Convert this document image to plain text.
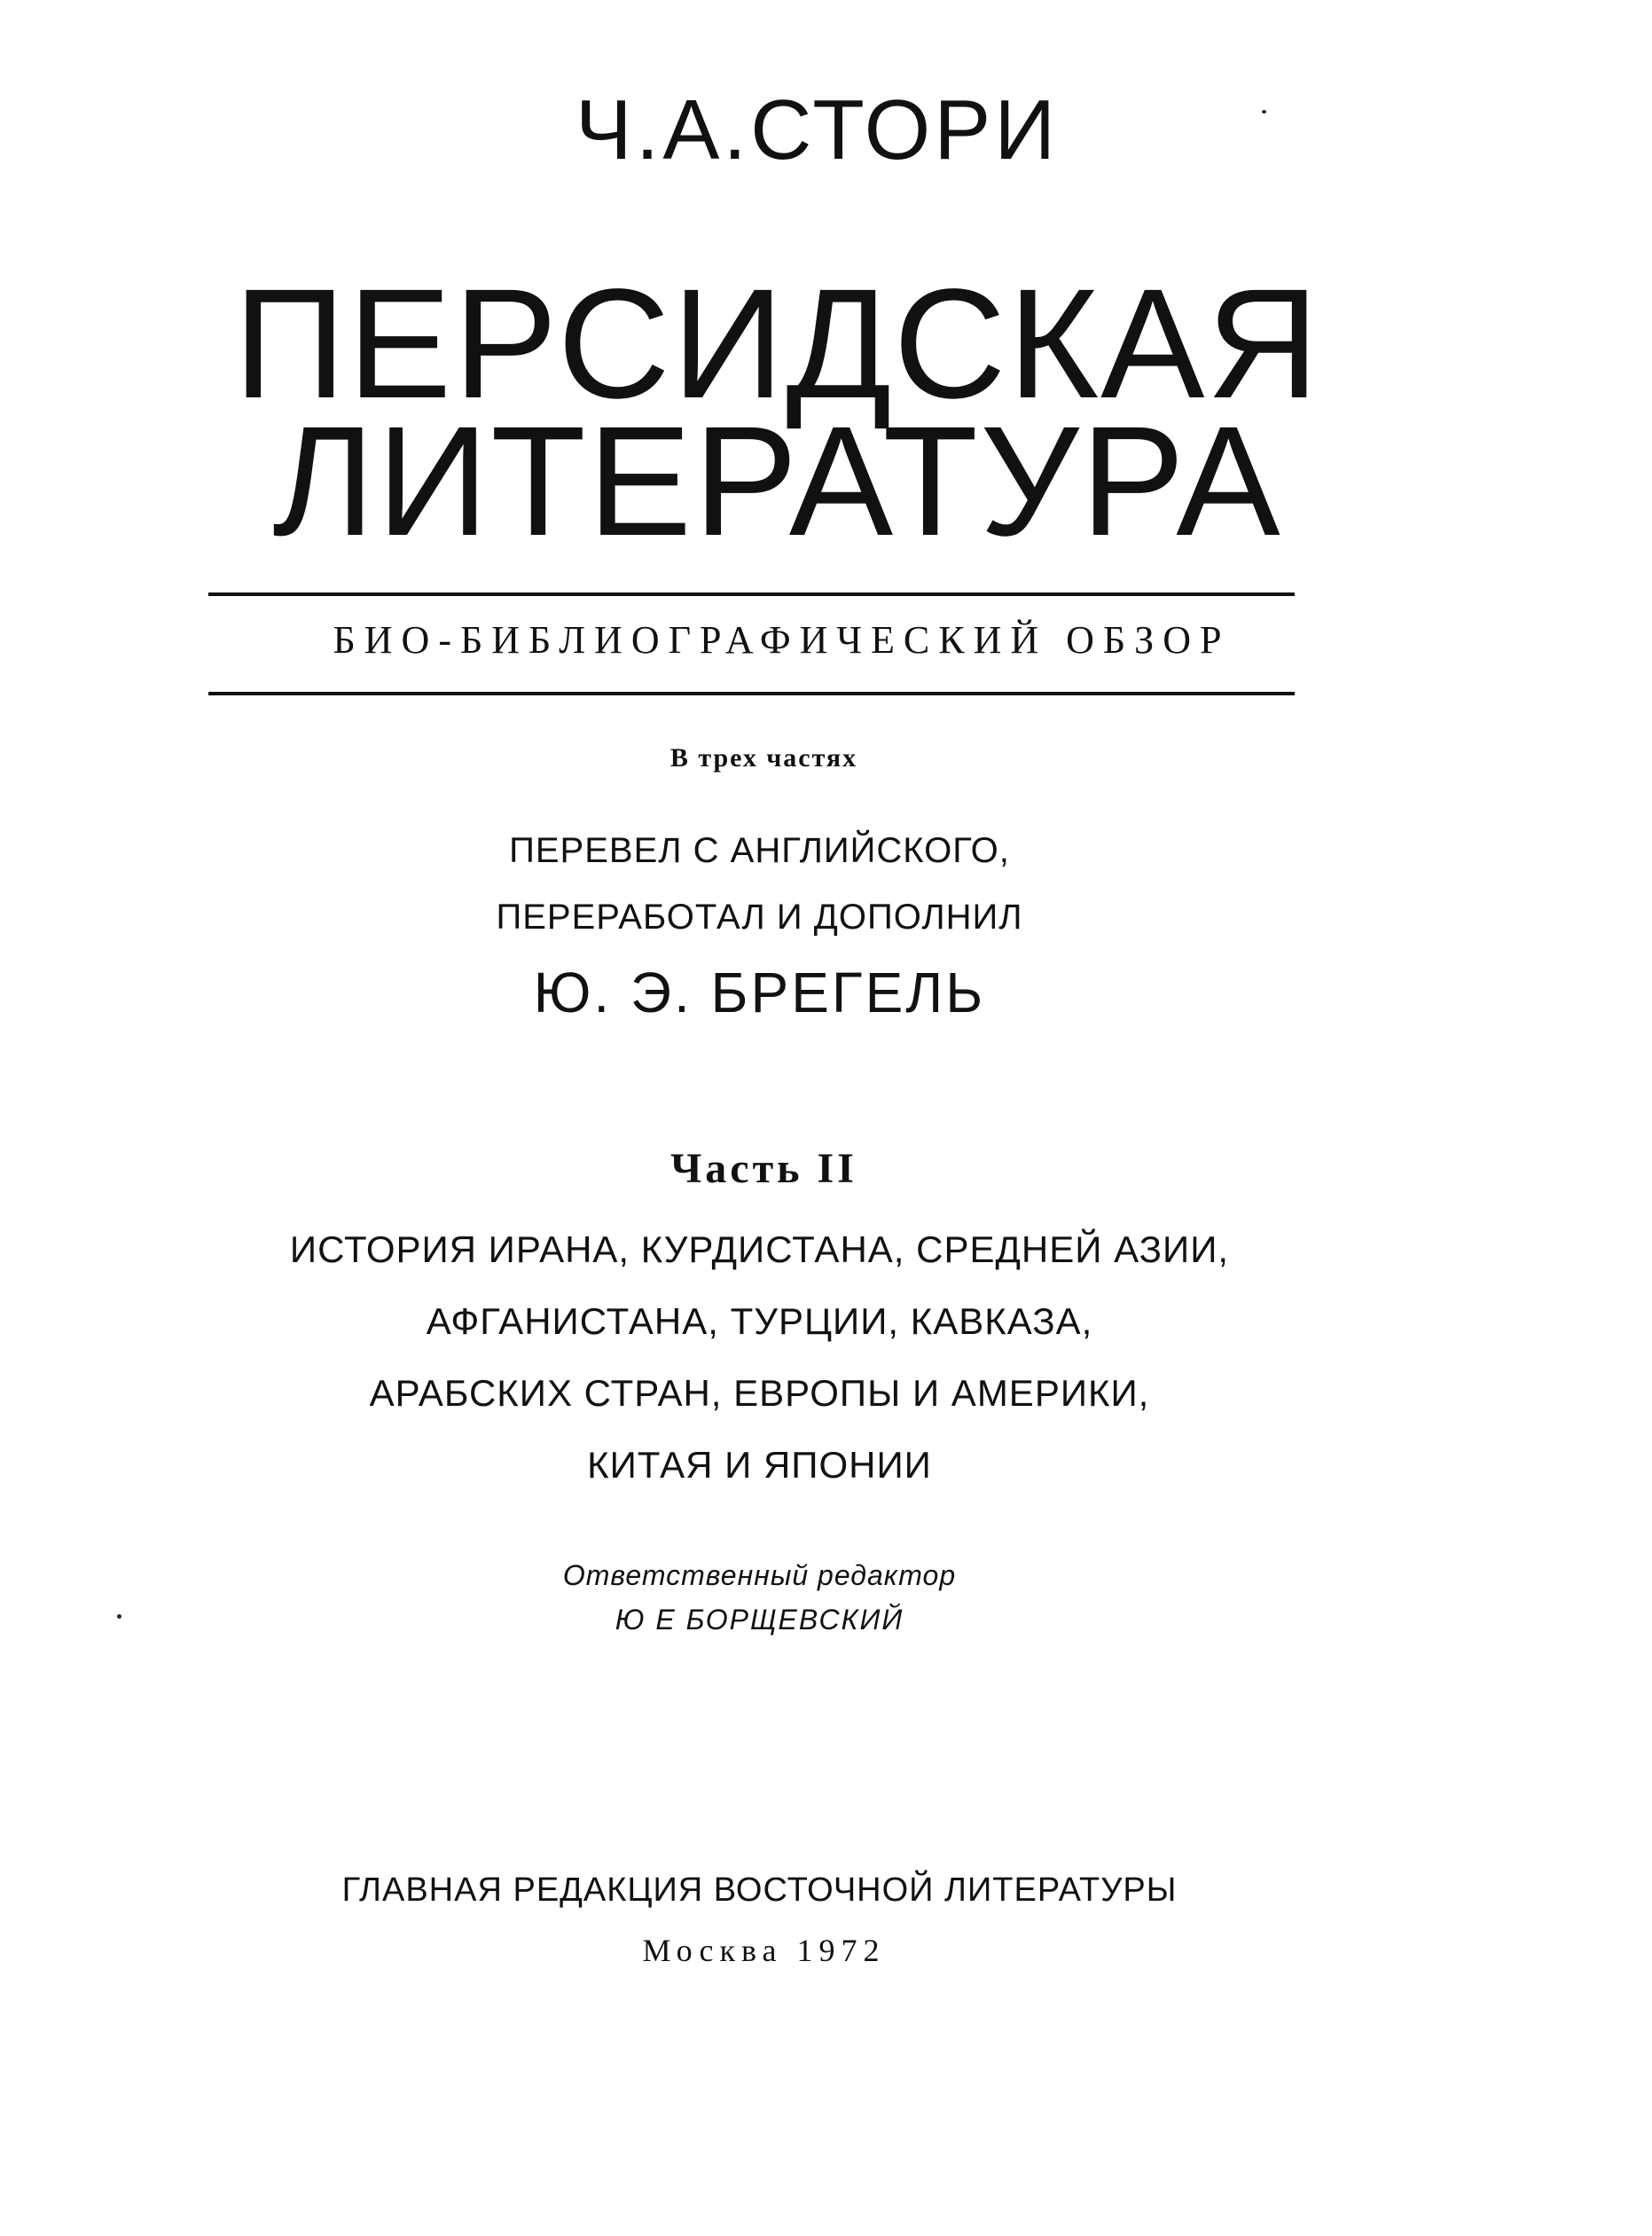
Ч.А.СТОРИ
ПЕРСИДСКАЯ
ЛИТЕРАТУРА
БИО-БИБЛИОГРАФИЧЕСКИЙ ОБЗОР
В трех частях
ПЕРЕВЕЛ С АНГЛИЙСКОГО,
ПЕРЕРАБОТАЛ И ДОПОЛНИЛ
Ю. Э. БРЕГЕЛЬ
Часть II
ИСТОРИЯ ИРАНА, КУРДИСТАНА, СРЕДНЕЙ АЗИИ,
АФГАНИСТАНА, ТУРЦИИ, КАВКАЗА,
АРАБСКИХ СТРАН, ЕВРОПЫ И АМЕРИКИ,
КИТАЯ И ЯПОНИИ
Ответственный редактор
Ю Е БОРЩЕВСКИЙ
ГЛАВНАЯ РЕДАКЦИЯ ВОСТОЧНОЙ ЛИТЕРАТУРЫ
Москва 1972
